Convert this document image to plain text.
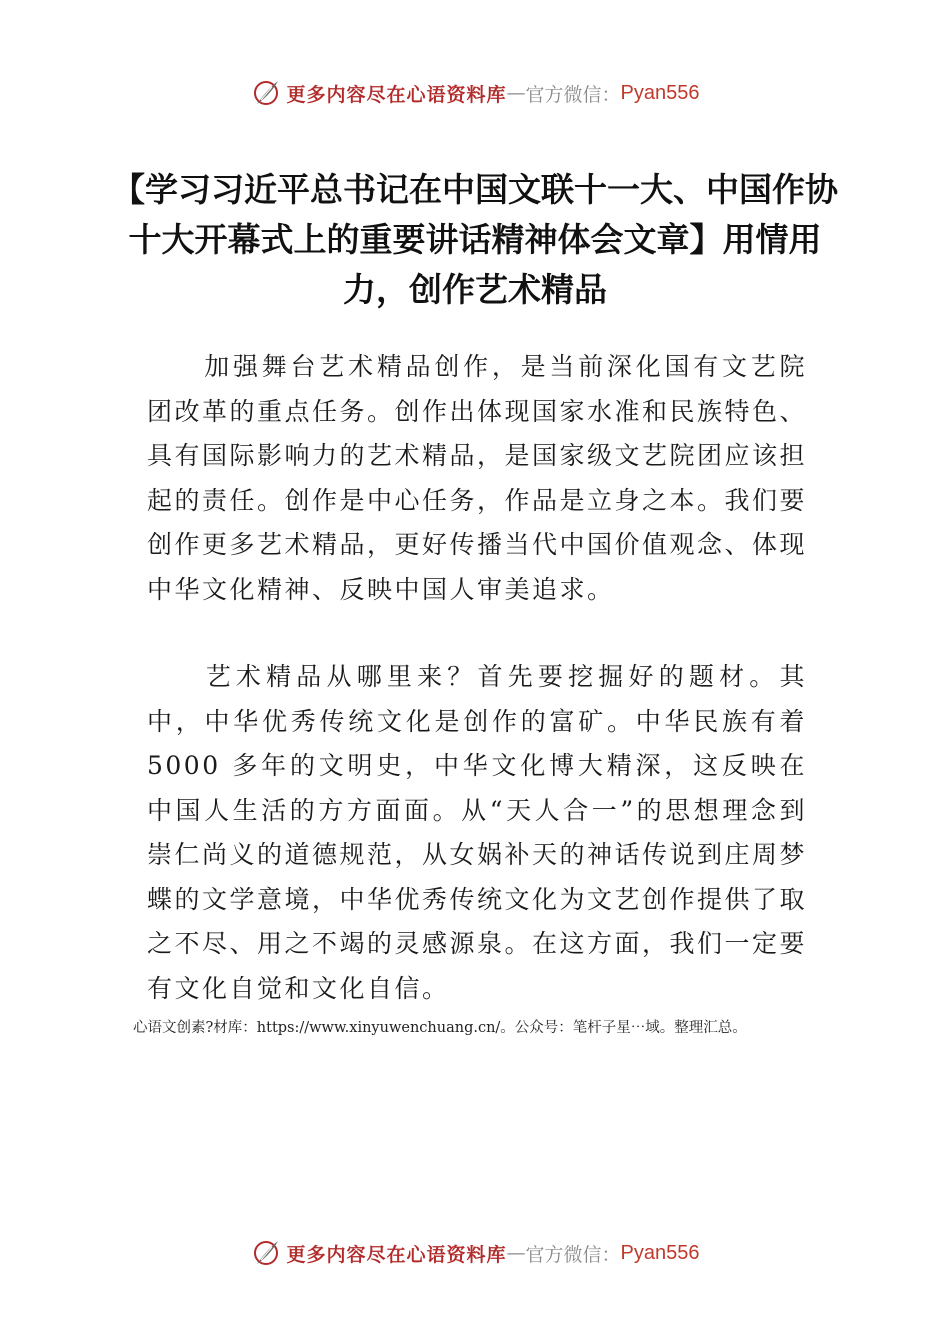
更多内容尽在心语资料库 — 官方微信： Pyan556
【学习习近平总书记在中国文联十一大、中国作协十大开幕式上的重要讲话精神体会文章】用情用力，创作艺术精品

加强舞台艺术精品创作，是当前深化国有文艺院团改革的重点任务。创作出体现国家水准和民族特色、具有国际影响力的艺术精品，是国家级文艺院团应该担起的责任。创作是中心任务，作品是立身之本。我们要创作更多艺术精品，更好传播当代中国价值观念、体现中华文化精神、反映中国人审美追求。

艺术精品从哪里来？首先要挖掘好的题材。其中，中华优秀传统文化是创作的富矿。中华民族有着 5000 多年的文明史，中华文化博大精深，这反映在中国人生活的方方面面。从“天人合一”的思想理念到崇仁尚义的道德规范，从女娲补天的神话传说到庄周梦蝶的文学意境，中华优秀传统文化为文艺创作提供了取之不尽、用之不竭的灵感源泉。在这方面，我们一定要有文化自觉和文化自信。

心语文创素?材库：https://www.xinyuwenchuang.cn/。公众号：笔杆子星⋯域。整理汇总。

更多内容尽在心语资料库 — 官方微信： Pyan556
